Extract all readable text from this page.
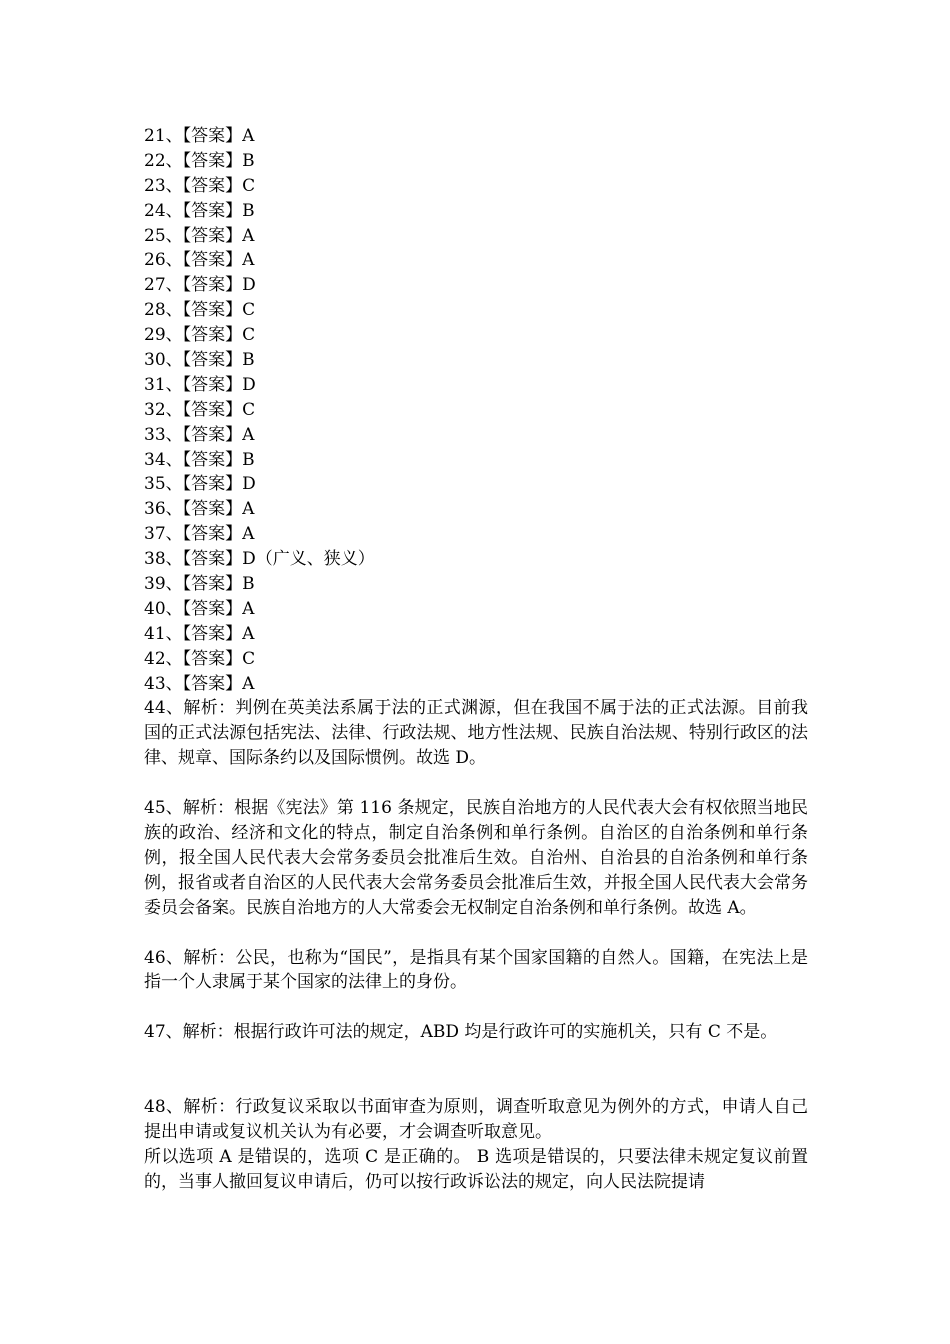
21、【答案】A
22、【答案】B
23、【答案】C
24、【答案】B
25、【答案】A
26、【答案】A
27、【答案】D
28、【答案】C
29、【答案】C
30、【答案】B
31、【答案】D
32、【答案】C
33、【答案】A
34、【答案】B
35、【答案】D
36、【答案】A
37、【答案】A
38、【答案】D（广义、狭义）
39、【答案】B
40、【答案】A
41、【答案】A
42、【答案】C
43、【答案】A

44、解析：判例在英美法系属于法的正式渊源，但在我国不属于法的正式法源。目前我国的正式法源包括宪法、法律、行政法规、地方性法规、民族自治法规、特别行政区的法律、规章、国际条约以及国际惯例。故选 D。

45、解析：根据《宪法》第 116 条规定，民族自治地方的人民代表大会有权依照当地民族的政治、经济和文化的特点，制定自治条例和单行条例。自治区的自治条例和单行条例，报全国人民代表大会常务委员会批准后生效。自治州、自治县的自治条例和单行条例，报省或者自治区的人民代表大会常务委员会批准后生效，并报全国人民代表大会常务委员会备案。民族自治地方的人大常委会无权制定自治条例和单行条例。故选 A。

46、解析：公民，也称为“国民”，是指具有某个国家国籍的自然人。国籍，在宪法上是指一个人隶属于某个国家的法律上的身份。

47、解析：根据行政许可法的规定，ABD 均是行政许可的实施机关，只有 C 不是。

48、解析：行政复议采取以书面审查为原则，调查听取意见为例外的方式，申请人自己提出申请或复议机关认为有必要，才会调查听取意见。

所以选项 A 是错误的，选项 C 是正确的。 B 选项是错误的，只要法律未规定复议前置的，当事人撤回复议申请后，仍可以按行政诉讼法的规定，向人民法院提请
